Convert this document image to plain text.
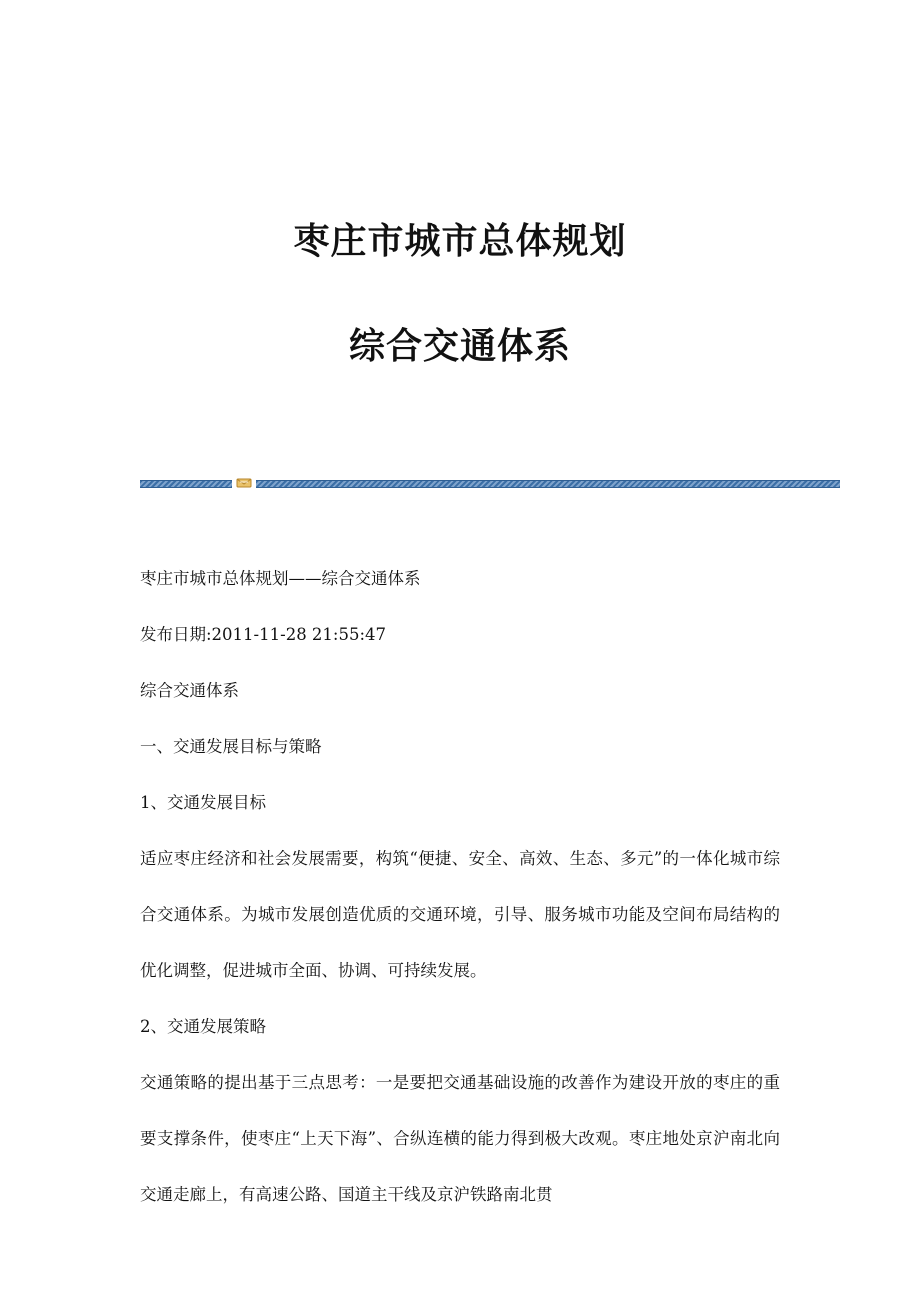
枣庄市城市总体规划
综合交通体系

枣庄市城市总体规划——综合交通体系

发布日期:2011-11-28 21:55:47

综合交通体系

一、交通发展目标与策略

1、交通发展目标

适应枣庄经济和社会发展需要，构筑“便捷、安全、高效、生态、多元”的一体化城市综合交通体系。为城市发展创造优质的交通环境，引导、服务城市功能及空间布局结构的优化调整，促进城市全面、协调、可持续发展。

2、交通发展策略

交通策略的提出基于三点思考：一是要把交通基础设施的改善作为建设开放的枣庄的重要支撑条件，使枣庄“上天下海”、合纵连横的能力得到极大改观。枣庄地处京沪南北向交通走廊上，有高速公路、国道主干线及京沪铁路南北贯
